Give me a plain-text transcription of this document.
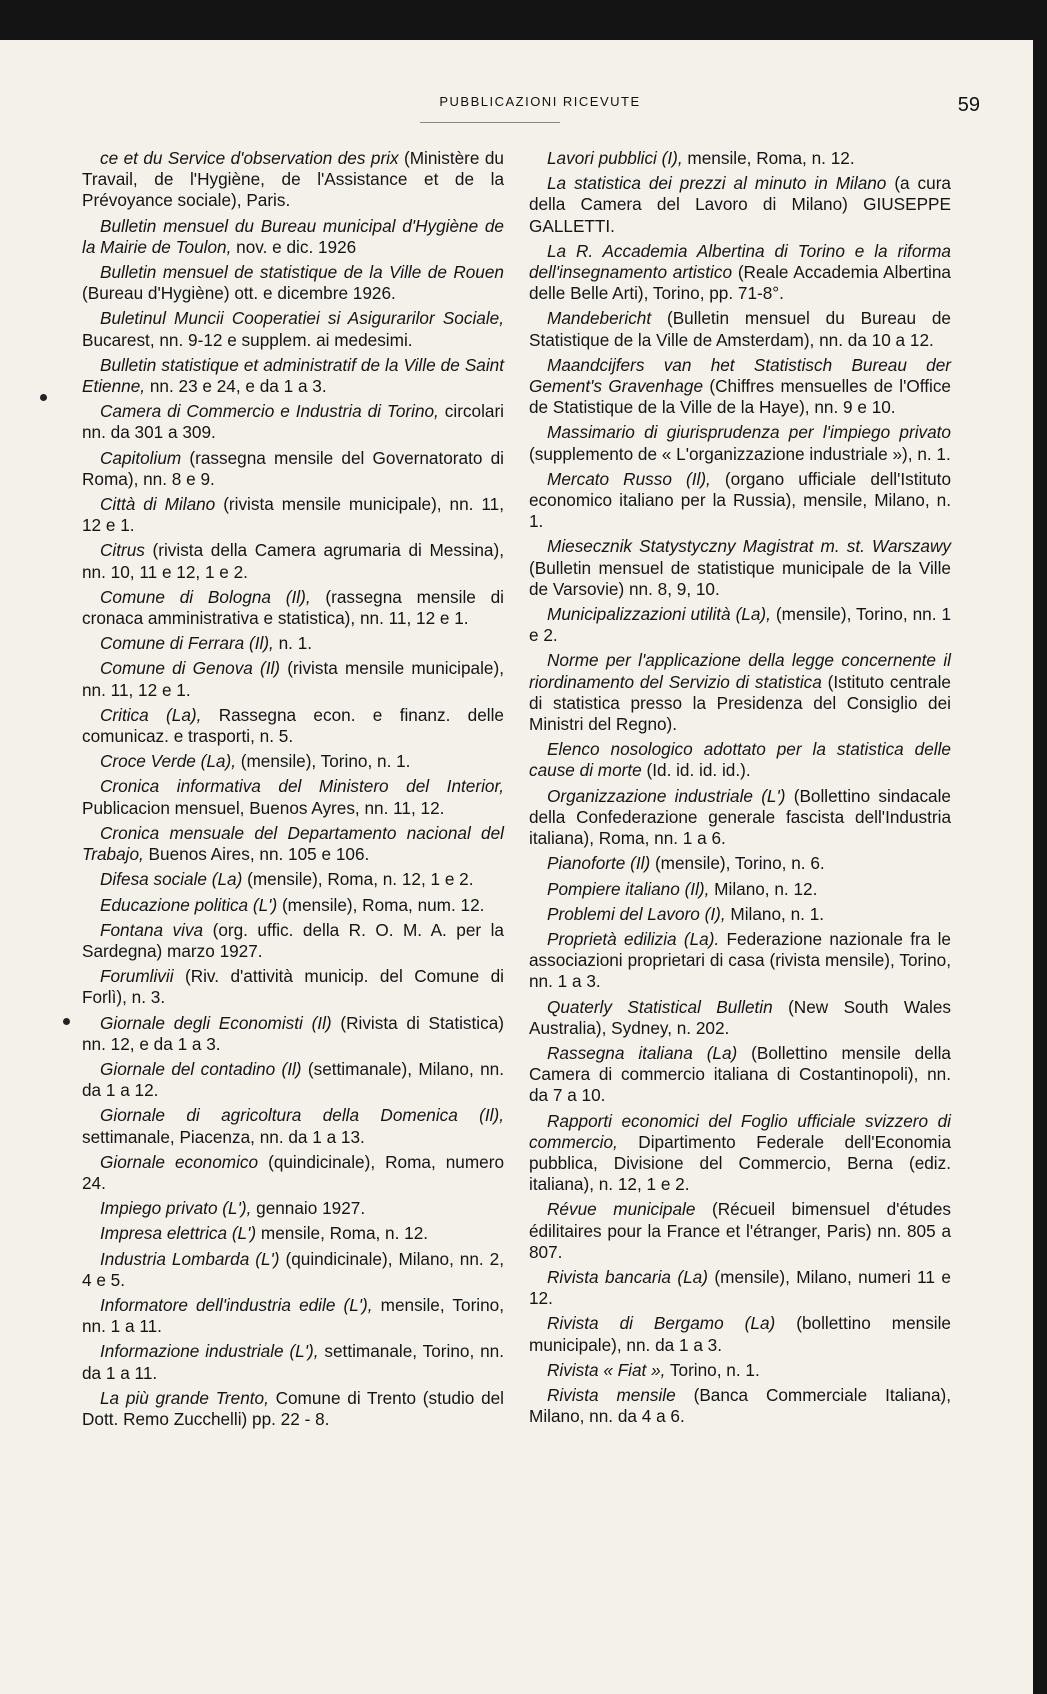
PUBBLICAZIONI RICEVUTE	59

ce et du Service d'observation des prix (Ministère du Travail, de l'Hygiène, de l'Assistance et de la Prévoyance sociale), Paris.

Bulletin mensuel du Bureau municipal d'Hygiène de la Mairie de Toulon, nov. e dic. 1926

Bulletin mensuel de statistique de la Ville de Rouen (Bureau d'Hygiène) ott. e dicembre 1926.

Buletinul Muncii Cooperatiei si Asigurarilor Sociale, Bucarest, nn. 9-12 e supplem. ai medesimi.

Bulletin statistique et administratif de la Ville de Saint Etienne, nn. 23 e 24, e da 1 a 3.

Camera di Commercio e Industria di Torino, circolari nn. da 301 a 309.

Capitolium (rassegna mensile del Governatorato di Roma), nn. 8 e 9.

Città di Milano (rivista mensile municipale), nn. 11, 12 e 1.

Citrus (rivista della Camera agrumaria di Messina), nn. 10, 11 e 12, 1 e 2.

Comune di Bologna (Il), (rassegna mensile di cronaca amministrativa e statistica), nn. 11, 12 e 1.

Comune di Ferrara (Il), n. 1.

Comune di Genova (Il) (rivista mensile municipale), nn. 11, 12 e 1.

Critica (La), Rassegna econ. e finanz. delle comunicaz. e trasporti, n. 5.

Croce Verde (La), (mensile), Torino, n. 1.

Cronica informativa del Ministero del Interior, Publicacion mensuel, Buenos Ayres, nn. 11, 12.

Cronica mensuale del Departamento nacional del Trabajo, Buenos Aires, nn. 105 e 106.

Difesa sociale (La) (mensile), Roma, n. 12, 1 e 2.

Educazione politica (L') (mensile), Roma, num. 12.

Fontana viva (org. uffic. della R. O. M. A. per la Sardegna) marzo 1927.

Forumlivii (Riv. d'attività municip. del Comune di Forlì), n. 3.

Giornale degli Economisti (Il) (Rivista di Statistica) nn. 12, e da 1 a 3.

Giornale del contadino (Il) (settimanale), Milano, nn. da 1 a 12.

Giornale di agricoltura della Domenica (Il), settimanale, Piacenza, nn. da 1 a 13.

Giornale economico (quindicinale), Roma, numero 24.

Impiego privato (L'), gennaio 1927.

Impresa elettrica (L') mensile, Roma, n. 12.

Industria Lombarda (L') (quindicinale), Milano, nn. 2, 4 e 5.

Informatore dell'industria edile (L'), mensile, Torino, nn. 1 a 11.

Informazione industriale (L'), settimanale, Torino, nn. da 1 a 11.

La più grande Trento, Comune di Trento (studio del Dott. Remo Zucchelli) pp. 22 - 8.

Lavori pubblici (I), mensile, Roma, n. 12.

La statistica dei prezzi al minuto in Milano (a cura della Camera del Lavoro di Milano) GIUSEPPE GALLETTI.

La R. Accademia Albertina di Torino e la riforma dell'insegnamento artistico (Reale Accademia Albertina delle Belle Arti), Torino, pp. 71-8°.

Mandebericht (Bulletin mensuel du Bureau de Statistique de la Ville de Amsterdam), nn. da 10 a 12.

Maandcijfers van het Statistisch Bureau der Gement's Gravenhage (Chiffres mensuelles de l'Office de Statistique de la Ville de la Haye), nn. 9 e 10.

Massimario di giurisprudenza per l'impiego privato (supplemento de « L'organizzazione industriale »), n. 1.

Mercato Russo (Il), (organo ufficiale dell'Istituto economico italiano per la Russia), mensile, Milano, n. 1.

Miesecznik Statystyczny Magistrat m. st. Warszawy (Bulletin mensuel de statistique municipale de la Ville de Varsovie) nn. 8, 9, 10.

Municipalizzazioni utilità (La), (mensile), Torino, nn. 1 e 2.

Norme per l'applicazione della legge concernente il riordinamento del Servizio di statistica (Istituto centrale di statistica presso la Presidenza del Consiglio dei Ministri del Regno).

Elenco nosologico adottato per la statistica delle cause di morte (Id. id. id. id.).

Organizzazione industriale (L') (Bollettino sindacale della Confederazione generale fascista dell'Industria italiana), Roma, nn. 1 a 6.

Pianoforte (Il) (mensile), Torino, n. 6.

Pompiere italiano (Il), Milano, n. 12.

Problemi del Lavoro (I), Milano, n. 1.

Proprietà edilizia (La). Federazione nazionale fra le associazioni proprietari di casa (rivista mensile), Torino, nn. 1 a 3.

Quaterly Statistical Bulletin (New South Wales Australia), Sydney, n. 202.

Rassegna italiana (La) (Bollettino mensile della Camera di commercio italiana di Costantinopoli), nn. da 7 a 10.

Rapporti economici del Foglio ufficiale svizzero di commercio, Dipartimento Federale dell'Economia pubblica, Divisione del Commercio, Berna (ediz. italiana), n. 12, 1 e 2.

Révue municipale (Récueil bimensuel d'études édilitaires pour la France et l'étranger, Paris) nn. 805 a 807.

Rivista bancaria (La) (mensile), Milano, numeri 11 e 12.

Rivista di Bergamo (La) (bollettino mensile municipale), nn. da 1 a 3.

Rivista « Fiat », Torino, n. 1.

Rivista mensile (Banca Commerciale Italiana), Milano, nn. da 4 a 6.
